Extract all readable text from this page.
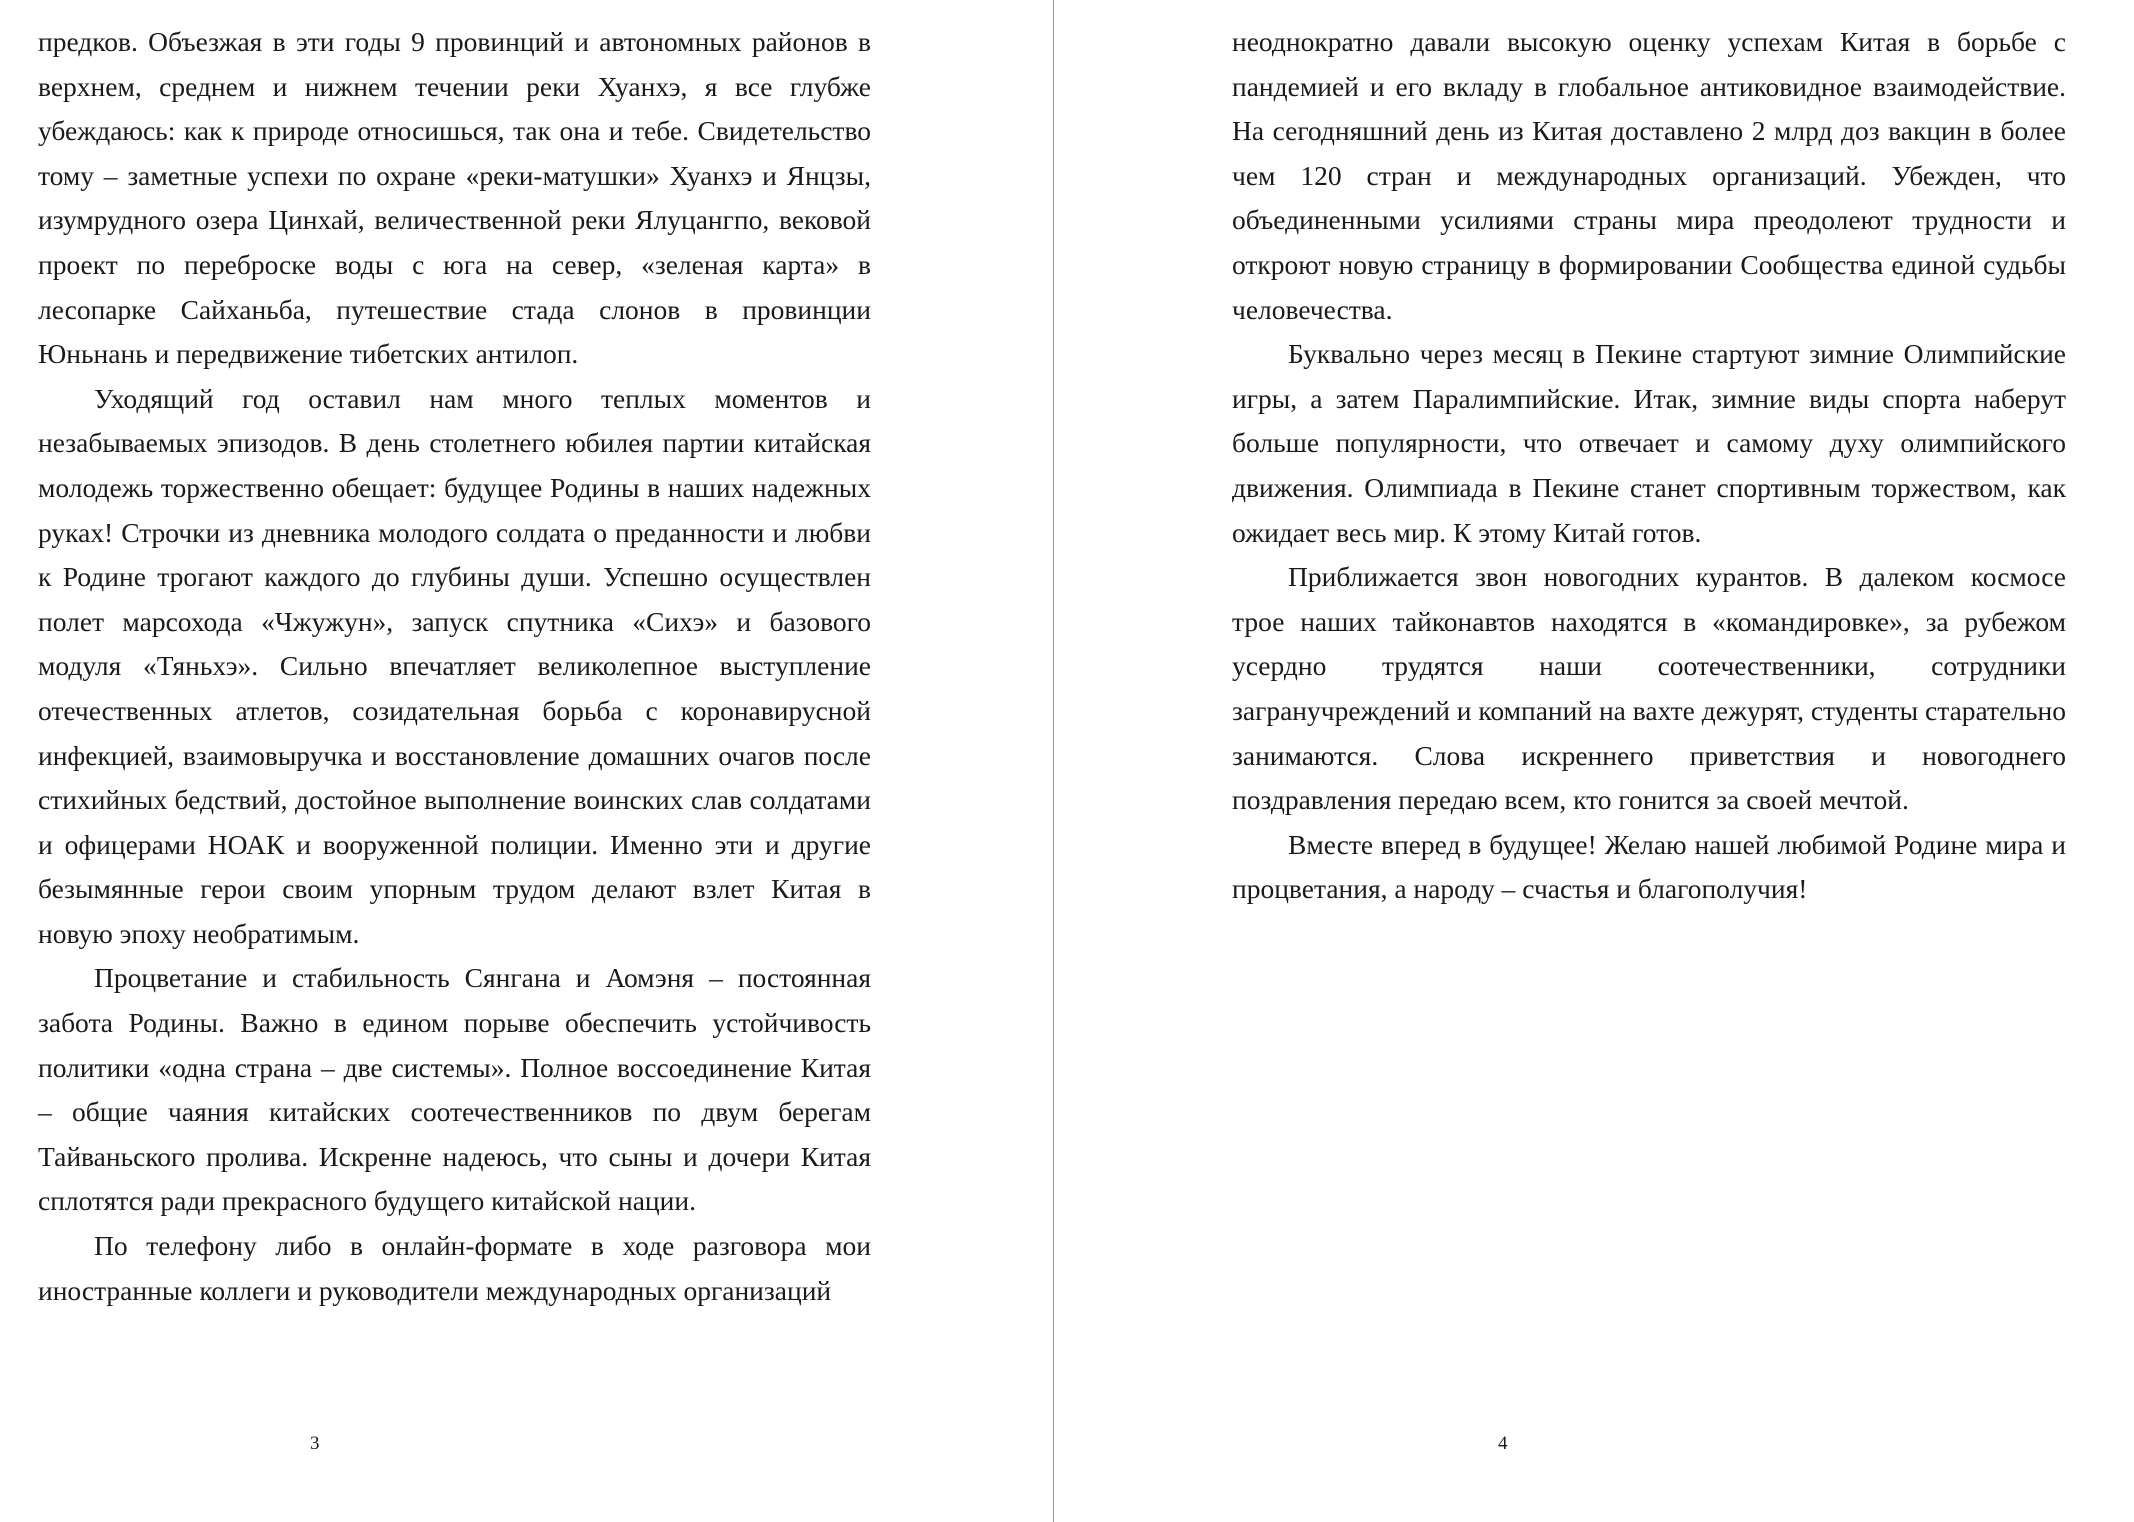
предков. Объезжая в эти годы 9 провинций и автономных районов в верхнем, среднем и нижнем течении реки Хуанхэ, я все глубже убеждаюсь: как к природе относишься, так она и тебе. Свидетельство тому – заметные успехи по охране «реки-матушки» Хуанхэ и Янцзы, изумрудного озера Цинхай, величественной реки Ялуцангпо, вековой проект по переброске воды с юга на север, «зеленая карта» в лесопарке Сайханьба, путешествие стада слонов в провинции Юньнань и передвижение тибетских антилоп.

Уходящий год оставил нам много теплых моментов и незабываемых эпизодов. В день столетнего юбилея партии китайская молодежь торжественно обещает: будущее Родины в наших надежных руках! Строчки из дневника молодого солдата о преданности и любви к Родине трогают каждого до глубины души. Успешно осуществлен полет марсохода «Чжужун», запуск спутника «Сихэ» и базового модуля «Тяньхэ». Сильно впечатляет великолепное выступление отечественных атлетов, созидательная борьба с коронавирусной инфекцией, взаимовыручка и восстановление домашних очагов после стихийных бедствий, достойное выполнение воинских слав солдатами и офицерами НОАК и вооруженной полиции. Именно эти и другие безымянные герои своим упорным трудом делают взлет Китая в новую эпоху необратимым.

Процветание и стабильность Сянгана и Аомэня – постоянная забота Родины. Важно в едином порыве обеспечить устойчивость политики «одна страна – две системы». Полное воссоединение Китая – общие чаяния китайских соотечественников по двум берегам Тайваньского пролива. Искренне надеюсь, что сыны и дочери Китая сплотятся ради прекрасного будущего китайской нации.

По телефону либо в онлайн-формате в ходе разговора мои иностранные коллеги и руководители международных организаций

3

неоднократно давали высокую оценку успехам Китая в борьбе с пандемией и его вкладу в глобальное антиковидное взаимодействие. На сегодняшний день из Китая доставлено 2 млрд доз вакцин в более чем 120 стран и международных организаций. Убежден, что объединенными усилиями страны мира преодолеют трудности и откроют новую страницу в формировании Сообщества единой судьбы человечества.

Буквально через месяц в Пекине стартуют зимние Олимпийские игры, а затем Паралимпийские. Итак, зимние виды спорта наберут больше популярности, что отвечает и самому духу олимпийского движения. Олимпиада в Пекине станет спортивным торжеством, как ожидает весь мир. К этому Китай готов.

Приближается звон новогодних курантов. В далеком космосе трое наших тайконавтов находятся в «командировке», за рубежом усердно трудятся наши соотечественники, сотрудники загранучреждений и компаний на вахте дежурят, студенты старательно занимаются. Слова искреннего приветствия и новогоднего поздравления передаю всем, кто гонится за своей мечтой.

Вместе вперед в будущее! Желаю нашей любимой Родине мира и процветания, а народу – счастья и благополучия!

4
